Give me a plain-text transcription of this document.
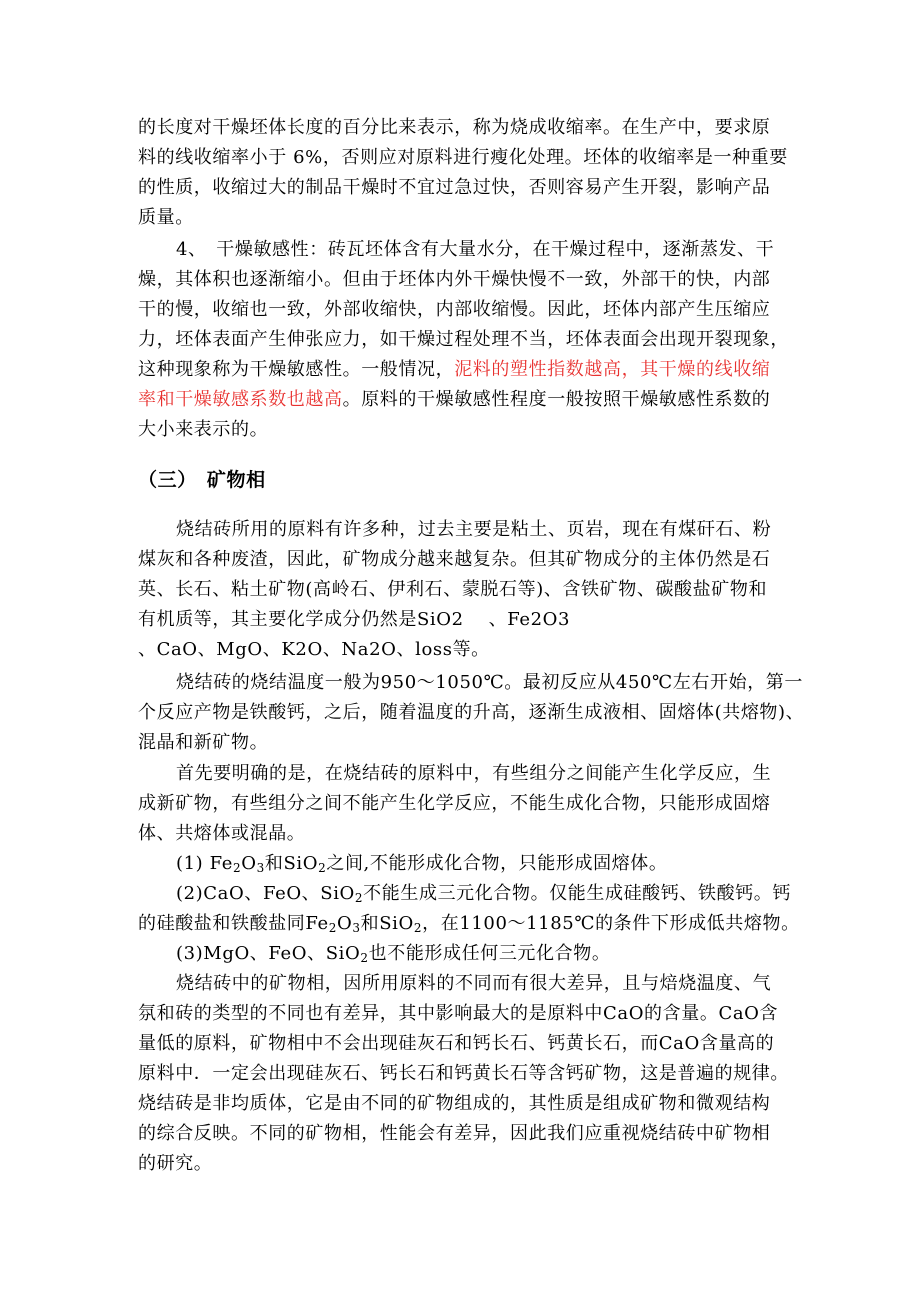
的长度对干燥坯体长度的百分比来表示，称为烧成收缩率。在生产中，要求原
料的线收缩率小于 6%，否则应对原料进行瘦化处理。坯体的收缩率是一种重要
的性质，收缩过大的制品干燥时不宜过急过快，否则容易产生开裂，影响产品
质量。
4、　干燥敏感性：砖瓦坯体含有大量水分，在干燥过程中，逐渐蒸发、干
燥，其体积也逐渐缩小。但由于坯体内外干燥快慢不一致，外部干的快，内部
干的慢，收缩也一致，外部收缩快，内部收缩慢。因此，坯体内部产生压缩应
力，坯体表面产生伸张应力，如干燥过程处理不当，坯体表面会出现开裂现象，
这种现象称为干燥敏感性。一般情况，泥料的塑性指数越高，其干燥的线收缩
率和干燥敏感系数也越高。原料的干燥敏感性程度一般按照干燥敏感性系数的
大小来表示的。
（三）　矿物相
烧结砖所用的原料有许多种，过去主要是粘土、页岩，现在有煤矸石、粉
煤灰和各种废渣，因此，矿物成分越来越复杂。但其矿物成分的主体仍然是石
英、长石、粘土矿物(高岭石、伊利石、蒙脱石等)、含铁矿物、碳酸盐矿物和
有机质等，其主要化学成分仍然是SiO2 　、Fe2O3
、CaO、MgO、K2O、Na2O、loss等。
烧结砖的烧结温度一般为950～1050℃。最初反应从450℃左右开始，第一
个反应产物是铁酸钙，之后，随着温度的升高，逐渐生成液相、固熔体(共熔物)、
混晶和新矿物。
首先要明确的是，在烧结砖的原料中，有些组分之间能产生化学反应，生
成新矿物，有些组分之间不能产生化学反应，不能生成化合物，只能形成固熔
体、共熔体或混晶。
(1) $Fe_2O_3$和SiO$_2$之间,不能形成化合物，只能形成固熔体。
(2)CaO、FeO、SiO$_2$不能生成三元化合物。仅能生成硅酸钙、铁酸钙。钙
的硅酸盐和铁酸盐同$Fe_2O_3$和SiO$_2$，在1100～1185℃的条件下形成低共熔物。
(3)MgO、FeO、SiO$_2$也不能形成任何三元化合物。
烧结砖中的矿物相，因所用原料的不同而有很大差异，且与焙烧温度、气
氛和砖的类型的不同也有差异，其中影响最大的是原料中CaO的含量。CaO含
量低的原料，矿物相中不会出现硅灰石和钙长石、钙黄长石，而CaO含量高的
原料中．一定会出现硅灰石、钙长石和钙黄长石等含钙矿物，这是普遍的规律。
烧结砖是非均质体，它是由不同的矿物组成的，其性质是组成矿物和微观结构
的综合反映。不同的矿物相，性能会有差异，因此我们应重视烧结砖中矿物相
的研究。
